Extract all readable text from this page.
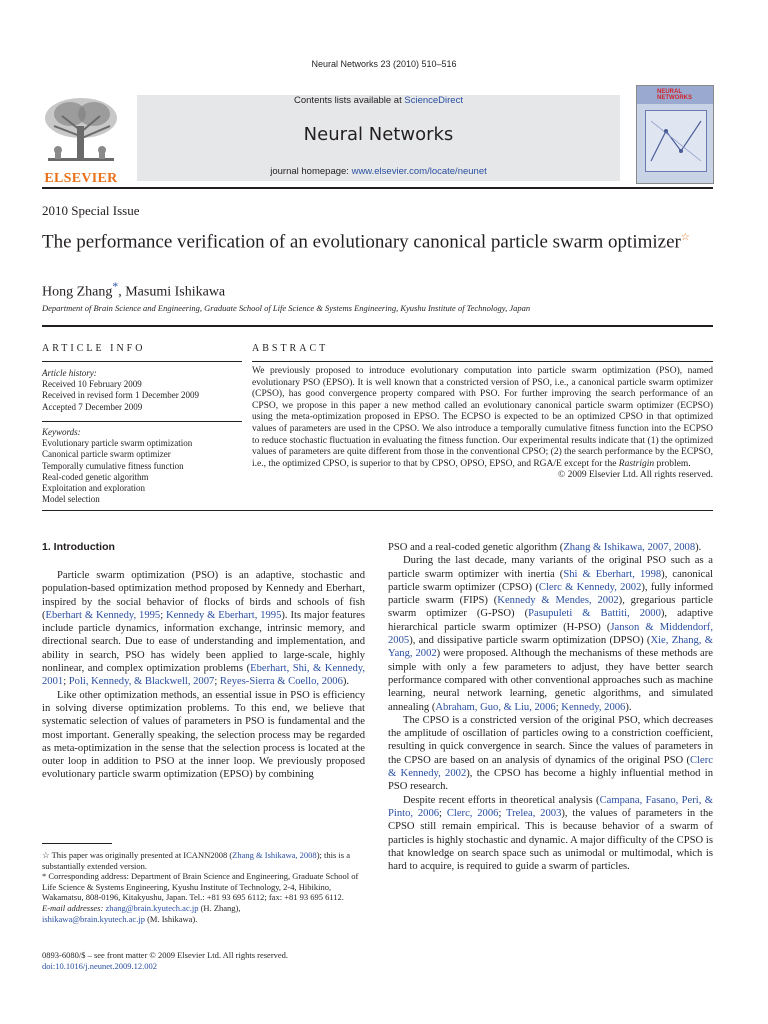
Neural Networks 23 (2010) 510–516
ELSEVIER
Contents lists available at ScienceDirect
Neural Networks
journal homepage: www.elsevier.com/locate/neunet
NEURAL NETWORKS
2010 Special Issue
The performance verification of an evolutionary canonical particle swarm optimizer☆
Hong Zhang*, Masumi Ishikawa
Department of Brain Science and Engineering, Graduate School of Life Science & Systems Engineering, Kyushu Institute of Technology, Japan
ARTICLE INFO
Article history:
Received 10 February 2009
Received in revised form 1 December 2009
Accepted 7 December 2009
Keywords:
Evolutionary particle swarm optimization
Canonical particle swarm optimizer
Temporally cumulative fitness function
Real-coded genetic algorithm
Exploitation and exploration
Model selection
ABSTRACT
We previously proposed to introduce evolutionary computation into particle swarm optimization (PSO), named evolutionary PSO (EPSO). It is well known that a constricted version of PSO, i.e., a canonical particle swarm optimizer (CPSO), has good convergence property compared with PSO. For further improving the search performance of an CPSO, we propose in this paper a new method called an evolutionary canonical particle swarm optimizer (ECPSO) using the meta-optimization proposed in EPSO. The ECPSO is expected to be an optimized CPSO in that optimized values of parameters are used in the CPSO. We also introduce a temporally cumulative fitness function into the ECPSO to reduce stochastic fluctuation in evaluating the fitness function. Our experimental results indicate that (1) the optimized values of parameters are quite different from those in the conventional CPSO; (2) the search performance by the ECPSO, i.e., the optimized CPSO, is superior to that by CPSO, OPSO, EPSO, and RGA/E except for the Rastrigin problem.
© 2009 Elsevier Ltd. All rights reserved.
1. Introduction

Particle swarm optimization (PSO) is an adaptive, stochastic and population-based optimization method proposed by Kennedy and Eberhart, inspired by the social behavior of flocks of birds and schools of fish (Eberhart & Kennedy, 1995; Kennedy & Eberhart, 1995). Its major features include particle dynamics, information exchange, intrinsic memory, and directional search. Due to ease of understanding and implementation, and ability in search, PSO has widely been applied to large-scale, highly nonlinear, and complex optimization problems (Eberhart, Shi, & Kennedy, 2001; Poli, Kennedy, & Blackwell, 2007; Reyes-Sierra & Coello, 2006).

Like other optimization methods, an essential issue in PSO is efficiency in solving diverse optimization problems. To this end, we believe that systematic selection of values of parameters in PSO is fundamental and the most important. Generally speaking, the selection process may be regarded as meta-optimization in the sense that the selection process is located at the outer loop in addition to PSO at the inner loop. We previously proposed evolutionary particle swarm optimization (EPSO) by combining

☆ This paper was originally presented at ICANN2008 (Zhang & Ishikawa, 2008); this is a substantially extended version.

* Corresponding address: Department of Brain Science and Engineering, Graduate School of Life Science & Systems Engineering, Kyushu Institute of Technology, 2-4, Hibikino, Wakamatsu, 808-0196, Kitakyushu, Japan. Tel.: +81 93 695 6112; fax: +81 93 695 6112.

E-mail addresses: zhang@brain.kyutech.ac.jp (H. Zhang),
ishikawa@brain.kyutech.ac.jp (M. Ishikawa).

0893-6080/$ – see front matter © 2009 Elsevier Ltd. All rights reserved.
doi:10.1016/j.neunet.2009.12.002

PSO and a real-coded genetic algorithm (Zhang & Ishikawa, 2007, 2008).

During the last decade, many variants of the original PSO such as a particle swarm optimizer with inertia (Shi & Eberhart, 1998), canonical particle swarm optimizer (CPSO) (Clerc & Kennedy, 2002), fully informed particle swarm (FIPS) (Kennedy & Mendes, 2002), gregarious particle swarm optimizer (G-PSO) (Pasupuleti & Battiti, 2000), adaptive hierarchical particle swarm optimizer (H-PSO) (Janson & Middendorf, 2005), and dissipative particle swarm optimization (DPSO) (Xie, Zhang, & Yang, 2002) were proposed. Although the mechanisms of these methods are simple with only a few parameters to adjust, they have better search performance compared with other conventional approaches such as machine learning, neural network learning, genetic algorithms, and simulated annealing (Abraham, Guo, & Liu, 2006; Kennedy, 2006).

The CPSO is a constricted version of the original PSO, which decreases the amplitude of oscillation of particles owing to a constriction coefficient, resulting in quick convergence in search. Since the values of parameters in the CPSO are based on an analysis of dynamics of the original PSO (Clerc & Kennedy, 2002), the CPSO has become a highly influential method in PSO research.

Despite recent efforts in theoretical analysis (Campana, Fasano, Peri, & Pinto, 2006; Clerc, 2006; Trelea, 2003), the values of parameters in the CPSO still remain empirical. This is because behavior of a swarm of particles is highly stochastic and dynamic. A major difficulty of the CPSO is that knowledge on search space such as unimodal or multimodal, which is hard to acquire, is required to guide a swarm of particles.
